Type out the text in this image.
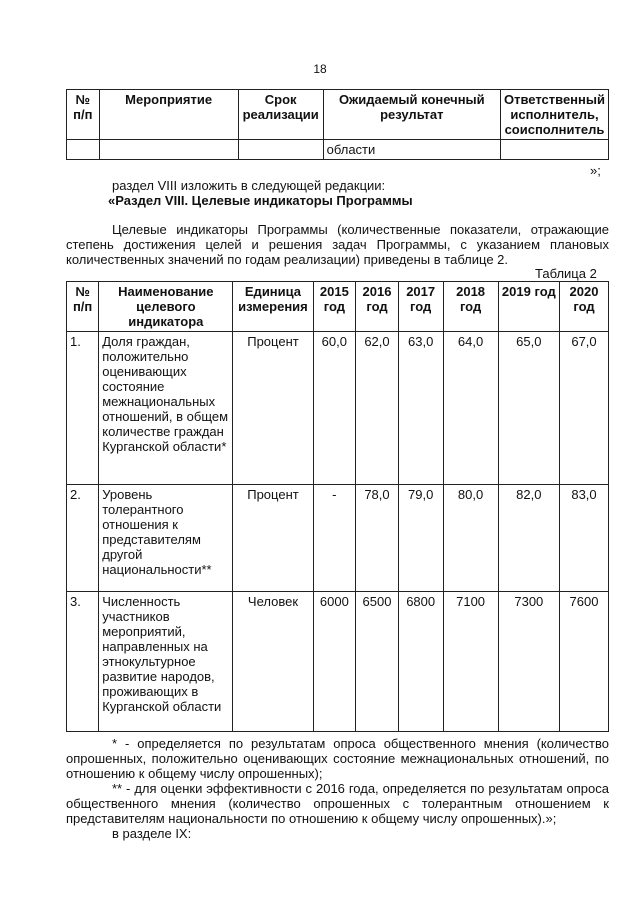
18
№ п/п	Мероприятие	Срок реализации	Ожидаемый конечный результат	Ответственный исполнитель, соисполнитель
			области	
»;
раздел VIII изложить в следующей редакции:
«Раздел VIII. Целевые индикаторы Программы
Целевые индикаторы Программы (количественные показатели, отражающие степень достижения целей и решения задач Программы, с указанием плановых количественных значений по годам реализации) приведены в таблице 2.
Таблица 2
№ п/п	Наименование целевого индикатора	Единица измерения	2015 год	2016 год	2017 год	2018 год	2019 год	2020 год
1.	Доля граждан, положительно оценивающих состояние межнациональных отношений, в общем количестве граждан Курганской области*	Процент	60,0	62,0	63,0	64,0	65,0	67,0
2.	Уровень толерантного отношения к представителям другой национальности**	Процент	-	78,0	79,0	80,0	82,0	83,0
3.	Численность участников мероприятий, направленных на этнокультурное развитие народов, проживающих в Курганской области	Человек	6000	6500	6800	7100	7300	7600
* - определяется по результатам опроса общественного мнения (количество опрошенных, положительно оценивающих состояние межнациональных отношений, по отношению к общему числу опрошенных);
** - для оценки эффективности с 2016 года, определяется по результатам опроса общественного мнения (количество опрошенных с толерантным отношением к представителям национальности по отношению к общему числу опрошенных).»;
в разделе IX:
